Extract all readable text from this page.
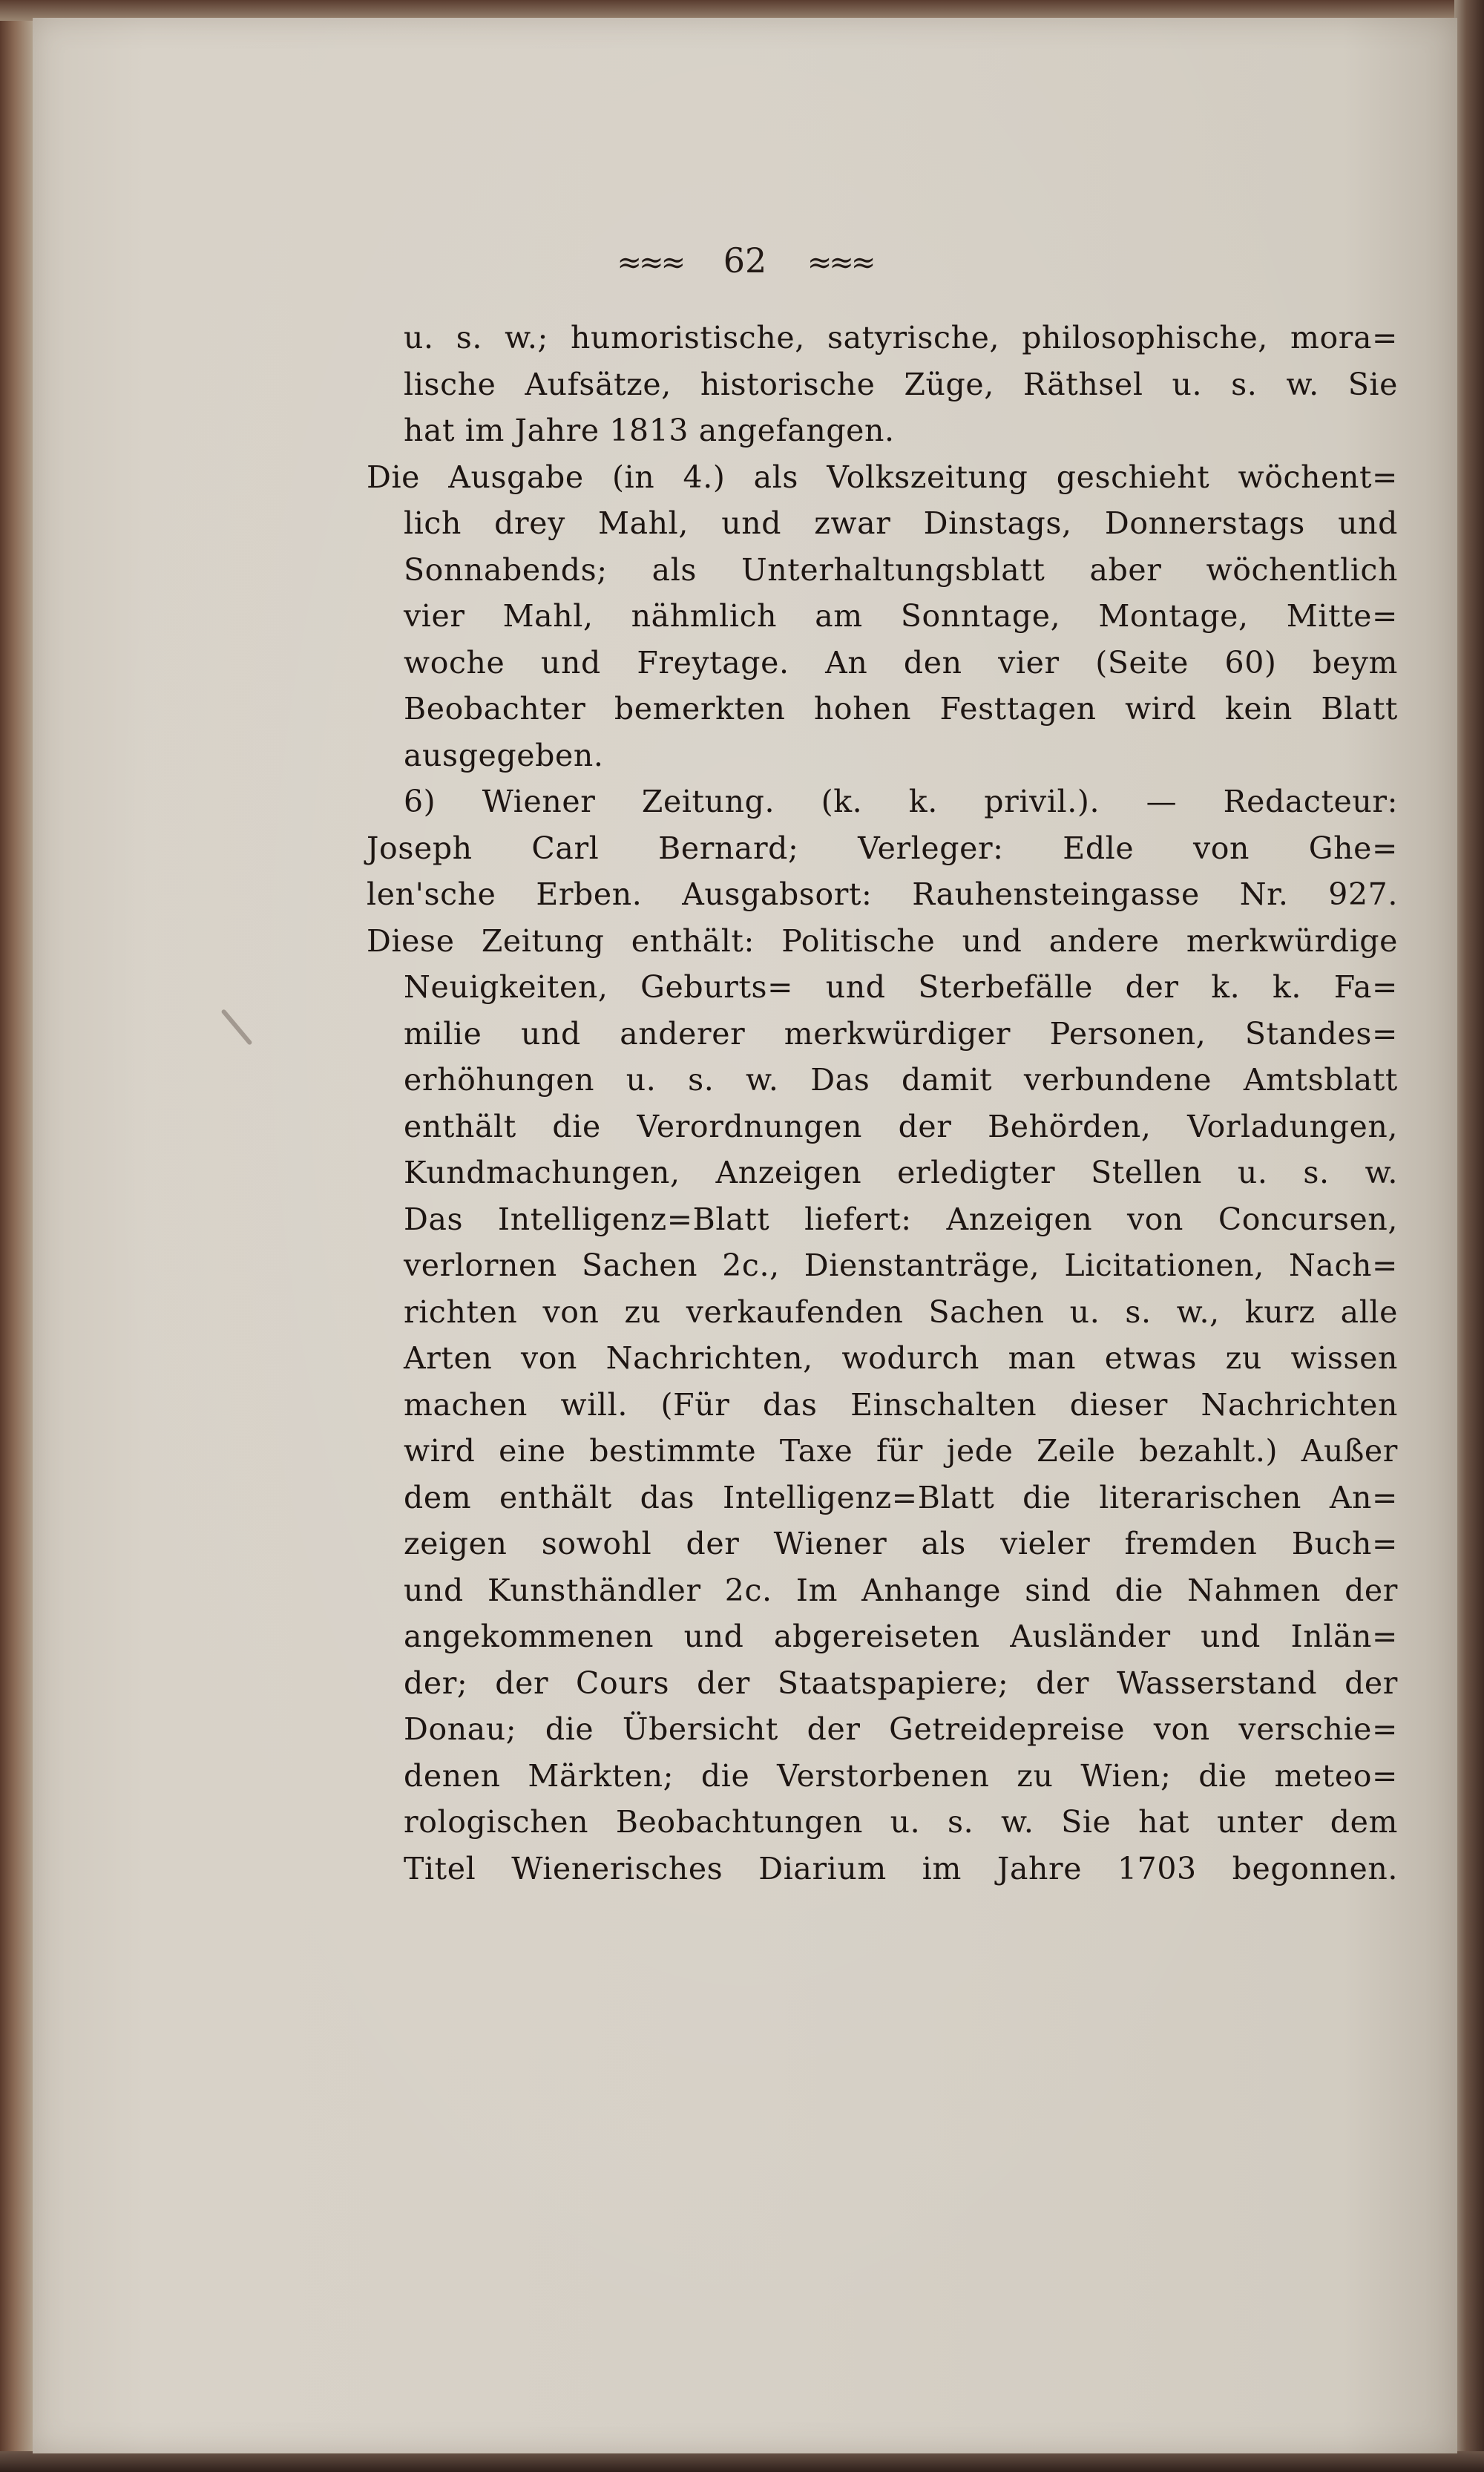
≈≈≈ 62 ≈≈≈
u. s. w.; humoristische, satyrische, philosophische, mora=
lische Aufsätze, historische Züge, Räthsel u. s. w. Sie
hat im Jahre 1813 angefangen.
Die Ausgabe (in 4.) als Volkszeitung geschieht wöchent=
lich drey Mahl, und zwar Dinstags, Donnerstags und
Sonnabends; als Unterhaltungsblatt aber wöchentlich
vier Mahl, nähmlich am Sonntage, Montage, Mitte=
woche und Freytage. An den vier (Seite 60) beym
Beobachter bemerkten hohen Festtagen wird kein Blatt
ausgegeben.
6) Wiener Zeitung. (k. k. privil.). — Redacteur:
Joseph Carl Bernard; Verleger: Edle von Ghe=
len'sche Erben. Ausgabsort: Rauhensteingasse Nr. 927.
Diese Zeitung enthält: Politische und andere merkwürdige
Neuigkeiten, Geburts= und Sterbefälle der k. k. Fa=
milie und anderer merkwürdiger Personen, Standes=
erhöhungen u. s. w. Das damit verbundene Amtsblatt
enthält die Verordnungen der Behörden, Vorladungen,
Kundmachungen, Anzeigen erledigter Stellen u. s. w.
Das Intelligenz=Blatt liefert: Anzeigen von Concursen,
verlornen Sachen 2c., Dienstanträge, Licitationen, Nach=
richten von zu verkaufenden Sachen u. s. w., kurz alle
Arten von Nachrichten, wodurch man etwas zu wissen
machen will. (Für das Einschalten dieser Nachrichten
wird eine bestimmte Taxe für jede Zeile bezahlt.) Außer
dem enthält das Intelligenz=Blatt die literarischen An=
zeigen sowohl der Wiener als vieler fremden Buch=
und Kunsthändler 2c. Im Anhange sind die Nahmen der
angekommenen und abgereiseten Ausländer und Inlän=
der; der Cours der Staatspapiere; der Wasserstand der
Donau; die Übersicht der Getreidepreise von verschie=
denen Märkten; die Verstorbenen zu Wien; die meteo=
rologischen Beobachtungen u. s. w. Sie hat unter dem
Titel Wienerisches Diarium im Jahre 1703 begonnen.
